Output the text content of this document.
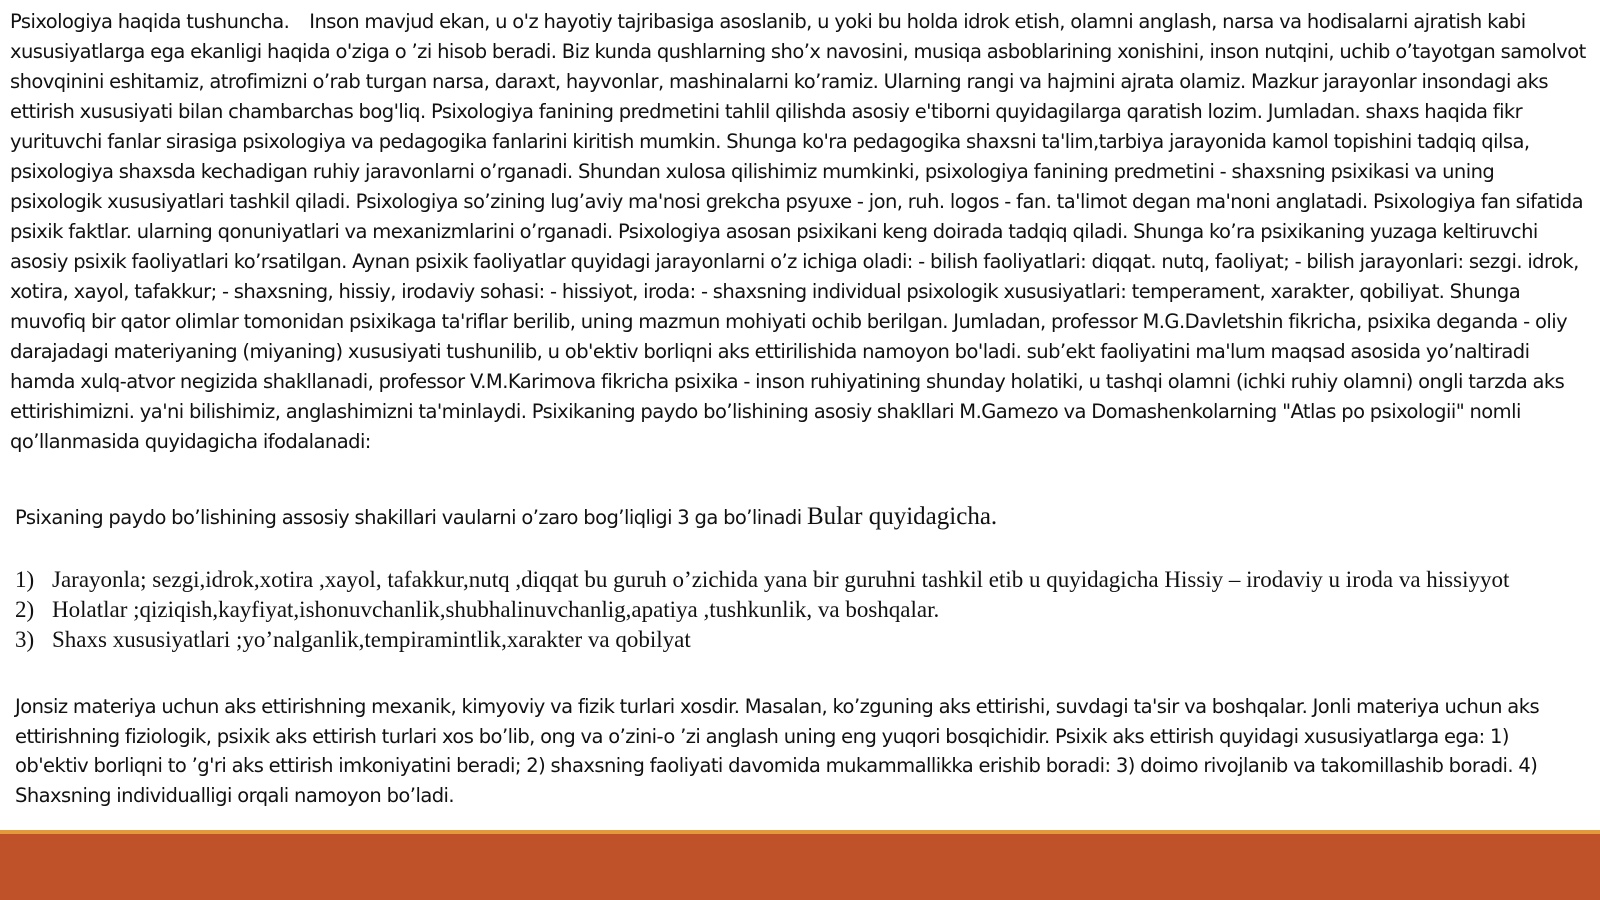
Psixologiya haqida tushuncha. Inson mavjud ekan, u o'z hayotiy tajribasiga asoslanib, u yoki bu holda idrok etish, olamni anglash, narsa va hodisalarni ajratish kabi xususiyatlarga ega ekanligi haqida o'ziga o ’zi hisob beradi. Biz kunda qushlarning sho’x navosini, musiqa asboblarining xonishini, inson nutqini, uchib o’tayotgan samolvot shovqinini eshitamiz, atrofimizni o’rab turgan narsa, daraxt, hayvonlar, mashinalarni ko’ramiz. Ularning rangi va hajmini ajrata olamiz. Mazkur jarayonlar insondagi aks ettirish xususiyati bilan chambarchas bog'liq. Psixologiya fanining predmetini tahlil qilishda asosiy e'tiborni quyidagilarga qaratish lozim. Jumladan. shaxs haqida fikr yurituvchi fanlar sirasiga psixologiya va pedagogika fanlarini kiritish mumkin. Shunga ko'ra pedagogika shaxsni ta'lim,tarbiya jarayonida kamol topishini tadqiq qilsa, psixologiya shaxsda kechadigan ruhiy jaravonlarni o’rganadi. Shundan xulosa qilishimiz mumkinki, psixologiya fanining predmetini - shaxsning psixikasi va uning psixologik xususiyatlari tashkil qiladi. Psixologiya so’zining lug’aviy ma'nosi grekcha psyuxe - jon, ruh. logos - fan. ta'limot degan ma'noni anglatadi. Psixologiya fan sifatida psixik faktlar. ularning qonuniyatlari va mexanizmlarini o’rganadi. Psixologiya asosan psixikani keng doirada tadqiq qiladi. Shunga ko’ra psixikaning yuzaga keltiruvchi asosiy psixik faoliyatlari ko’rsatilgan. Aynan psixik faoliyatlar quyidagi jarayonlarni o’z ichiga oladi: - bilish faoliyatlari: diqqat. nutq, faoliyat; - bilish jarayonlari: sezgi. idrok, xotira, xayol, tafakkur; - shaxsning, hissiy, irodaviy sohasi: - hissiyot, iroda: - shaxsning individual psixologik xususiyatlari: temperament, xarakter, qobiliyat. Shunga muvofiq bir qator olimlar tomonidan psixikaga ta'riflar berilib, uning mazmun mohiyati ochib berilgan. Jumladan, professor M.G.Davletshin fikricha, psixika deganda - oliy darajadagi materiyaning (miyaning) xususiyati tushunilib, u ob'ektiv borliqni aks ettirilishida namoyon bo'ladi. sub’ekt faoliyatini ma'lum maqsad asosida yo’naltiradi hamda xulq-atvor negizida shakllanadi, professor V.M.Karimova fikricha psixika - inson ruhiyatining shunday holatiki, u tashqi olamni (ichki ruhiy olamni) ongli tarzda aks ettirishimizni. ya'ni bilishimiz, anglashimizni ta'minlaydi. Psixikaning paydo bo’lishining asosiy shakllari M.Gamezo va Domashenkolarning "Atlas po psixologii" nomli qo’llanmasida quyidagicha ifodalanadi:

Psixaning paydo bo’lishining assosiy shakillari vaularni o’zaro bog’liqligi 3 ga bo’linadi Bular quyidagicha.

1) Jarayonla; sezgi,idrok,xotira ,xayol, tafakkur,nutq ,diqqat bu guruh o’zichida yana bir guruhni tashkil etib u quyidagicha Hissiy – irodaviy u iroda va hissiyyot
2) Holatlar ;qiziqish,kayfiyat,ishonuvchanlik,shubhalinuvchanlig,apatiya ,tushkunlik, va boshqalar.
3) Shaxs xususiyatlari ;yo’nalganlik,tempiramintlik,xarakter va qobilyat

Jonsiz materiya uchun aks ettirishning mexanik, kimyoviy va fizik turlari xosdir. Masalan, ko’zguning aks ettirishi, suvdagi ta'sir va boshqalar. Jonli materiya uchun aks ettirishning fiziologik, psixik aks ettirish turlari xos bo’lib, ong va o’zini-o ’zi anglash uning eng yuqori bosqichidir. Psixik aks ettirish quyidagi xususiyatlarga ega: 1) ob'ektiv borliqni to ’g'ri aks ettirish imkoniyatini beradi; 2) shaxsning faoliyati davomida mukammallikka erishib boradi: 3) doimo rivojlanib va takomillashib boradi. 4) Shaxsning individualligi orqali namoyon bo’ladi.
